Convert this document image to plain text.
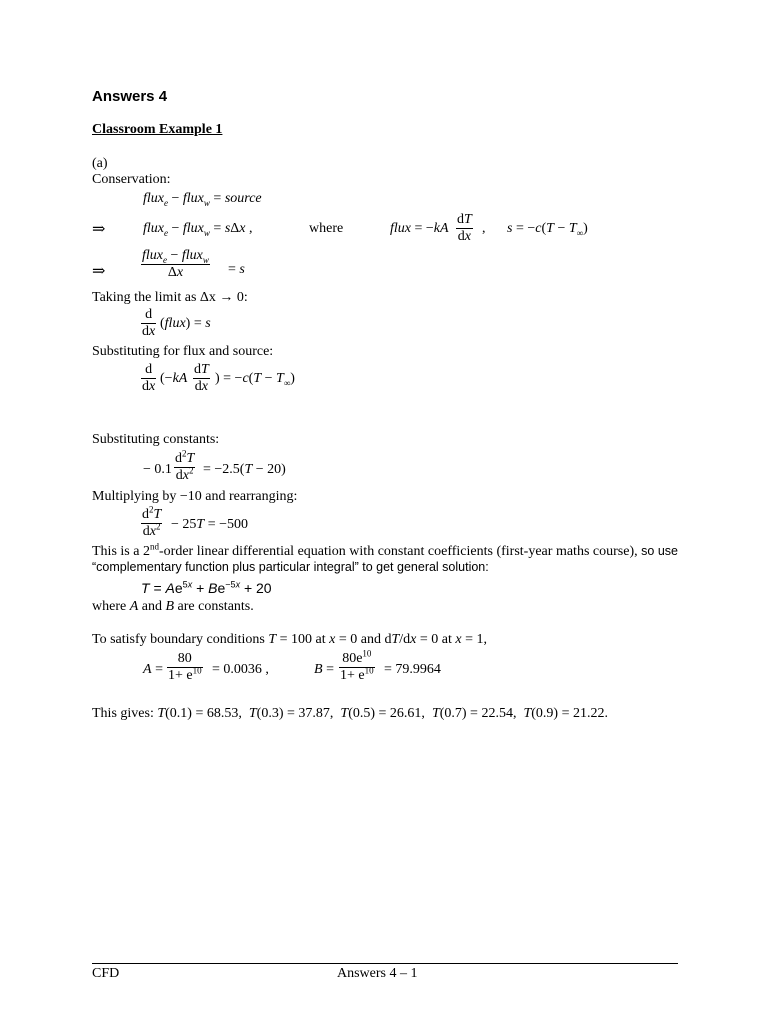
Answers 4
Classroom Example 1
(a)
Conservation:
flux$_e$ − flux$_w$ = source
⇒	flux$_e$ − flux$_w$ = sΔx ,	where	flux = $-kA \frac{dT}{dx}$ , $s = -c(T - T_\infty)$
⇒
flux$_e$ − flux$_w$
Δx	= s
Taking the limit as Δx → 0:
$\frac{d}{dx}$ (flux) = s
Substituting for flux and source:
$\frac{d}{dx} (-kA \frac{dT}{dx}$ ) = $-c(T - T_\infty)$
Substituting constants:
− $0.1 \frac{d^2T}{dx^2} = -2.5(T - 20)$
Multiplying by −10 and rearranging:
$\frac{d^2T}{dx^2} - 25T = -500$
This is a 2nd-order linear differential equation with constant coefficients (first-year maths course), so use “complementary function plus particular integral” to get general solution:
$T = Ae^{5x} + Be^{-5x} + 20$
where A and B are constants.
To satisfy boundary conditions T = 100 at x = 0 and dT/dx = 0 at x = 1,
$A = \frac{80}{1+ e^{10}} = 0.0036$ ,	$B = \frac{80e^{10}}{1+ e^{10}} = 79.9964$
This gives: T(0.1) = 68.53,  T(0.3) = 37.87,  T(0.5) = 26.61,  T(0.7) = 22.54,  T(0.9) = 21.22.
CFD	Answers 4 – 1
